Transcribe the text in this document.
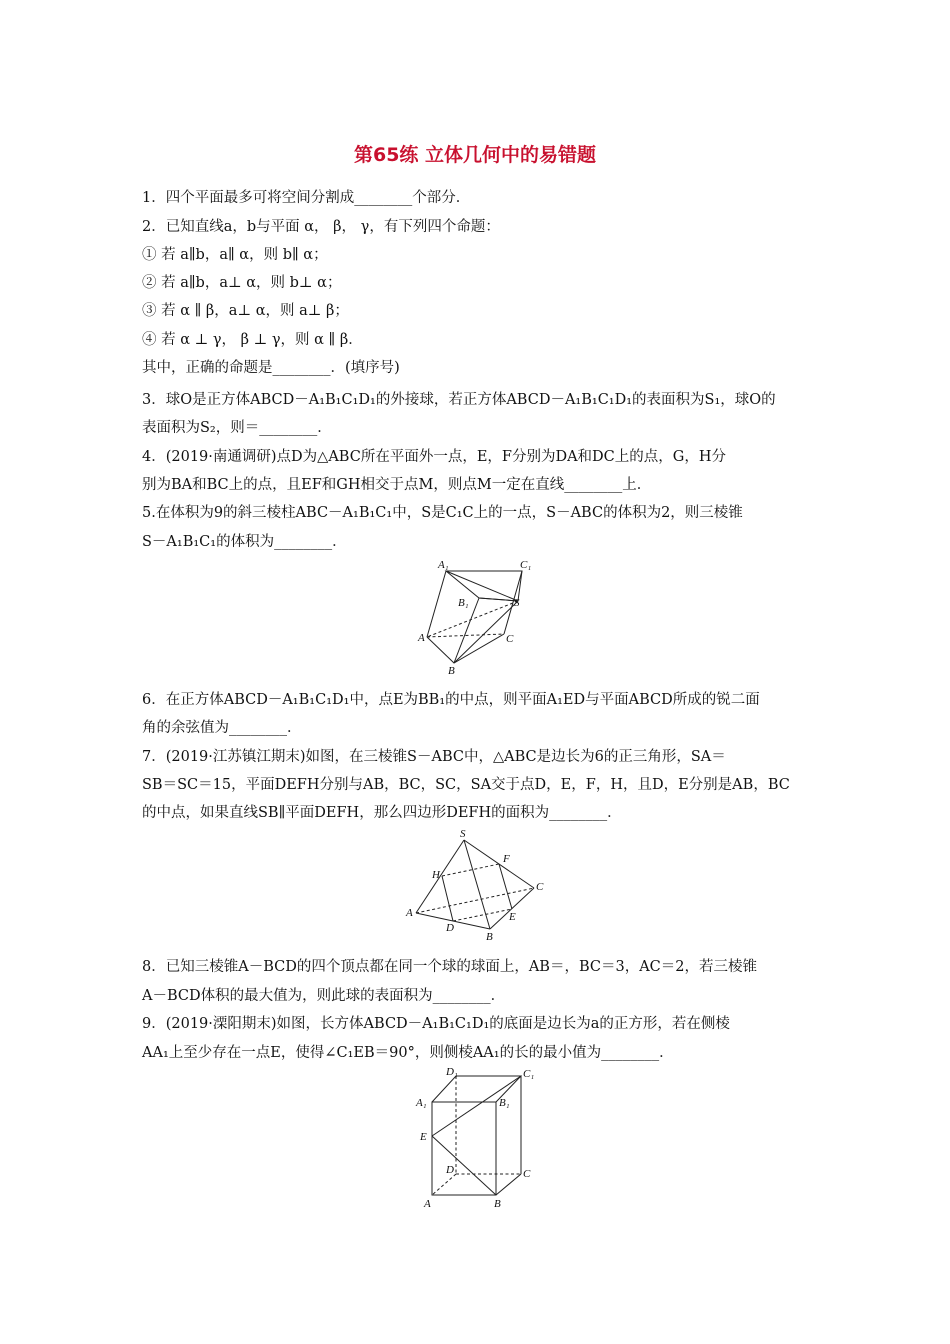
第65练 立体几何中的易错题
1．四个平面最多可将空间分割成________个部分．
2．已知直线a，b与平面 α， β， γ，有下列四个命题：
① 若 a∥b，a∥ α，则 b∥ α；
② 若 a∥b，a⊥ α，则 b⊥ α；
③ 若 α ∥ β，a⊥ α，则 a⊥ β；
④ 若 α ⊥ γ， β ⊥ γ，则 α ∥ β．
其中，正确的命题是________．(填序号)
3．球O是正方体ABCD－A₁B₁C₁D₁的外接球，若正方体ABCD－A₁B₁C₁D₁的表面积为S₁，球O的
表面积为S₂，则＝________．
4．(2019·南通调研)点D为△ABC所在平面外一点，E，F分别为DA和DC上的点，G，H分
别为BA和BC上的点，且EF和GH相交于点M，则点M一定在直线________上．
5.在体积为9的斜三棱柱ABC－A₁B₁C₁中，S是C₁C上的一点，S－ABC的体积为2，则三棱锥
S－A₁B₁C₁的体积为________．
A₁	C₁
B₁	S
A	C
B
6．在正方体ABCD－A₁B₁C₁D₁中，点E为BB₁的中点，则平面A₁ED与平面ABCD所成的锐二面
角的余弦值为________．
7．(2019·江苏镇江期末)如图，在三棱锥S－ABC中，△ABC是边长为6的正三角形，SA＝
SB＝SC＝15，平面DEFH分别与AB，BC，SC，SA交于点D，E，F，H，且D，E分别是AB，BC
的中点，如果直线SB∥平面DEFH，那么四边形DEFH的面积为________．
S
F
H
C
A	E
D
B
8．已知三棱锥A－BCD的四个顶点都在同一个球的球面上，AB＝，BC＝3，AC＝2，若三棱锥
A－BCD体积的最大值为，则此球的表面积为________．
9．(2019·溧阳期末)如图，长方体ABCD－A₁B₁C₁D₁的底面是边长为a的正方形，若在侧棱
AA₁上至少存在一点E，使得∠C₁EB＝90°，则侧棱AA₁的长的最小值为________．
D₁	C₁
A₁	B₁
E
D	C
A	B
